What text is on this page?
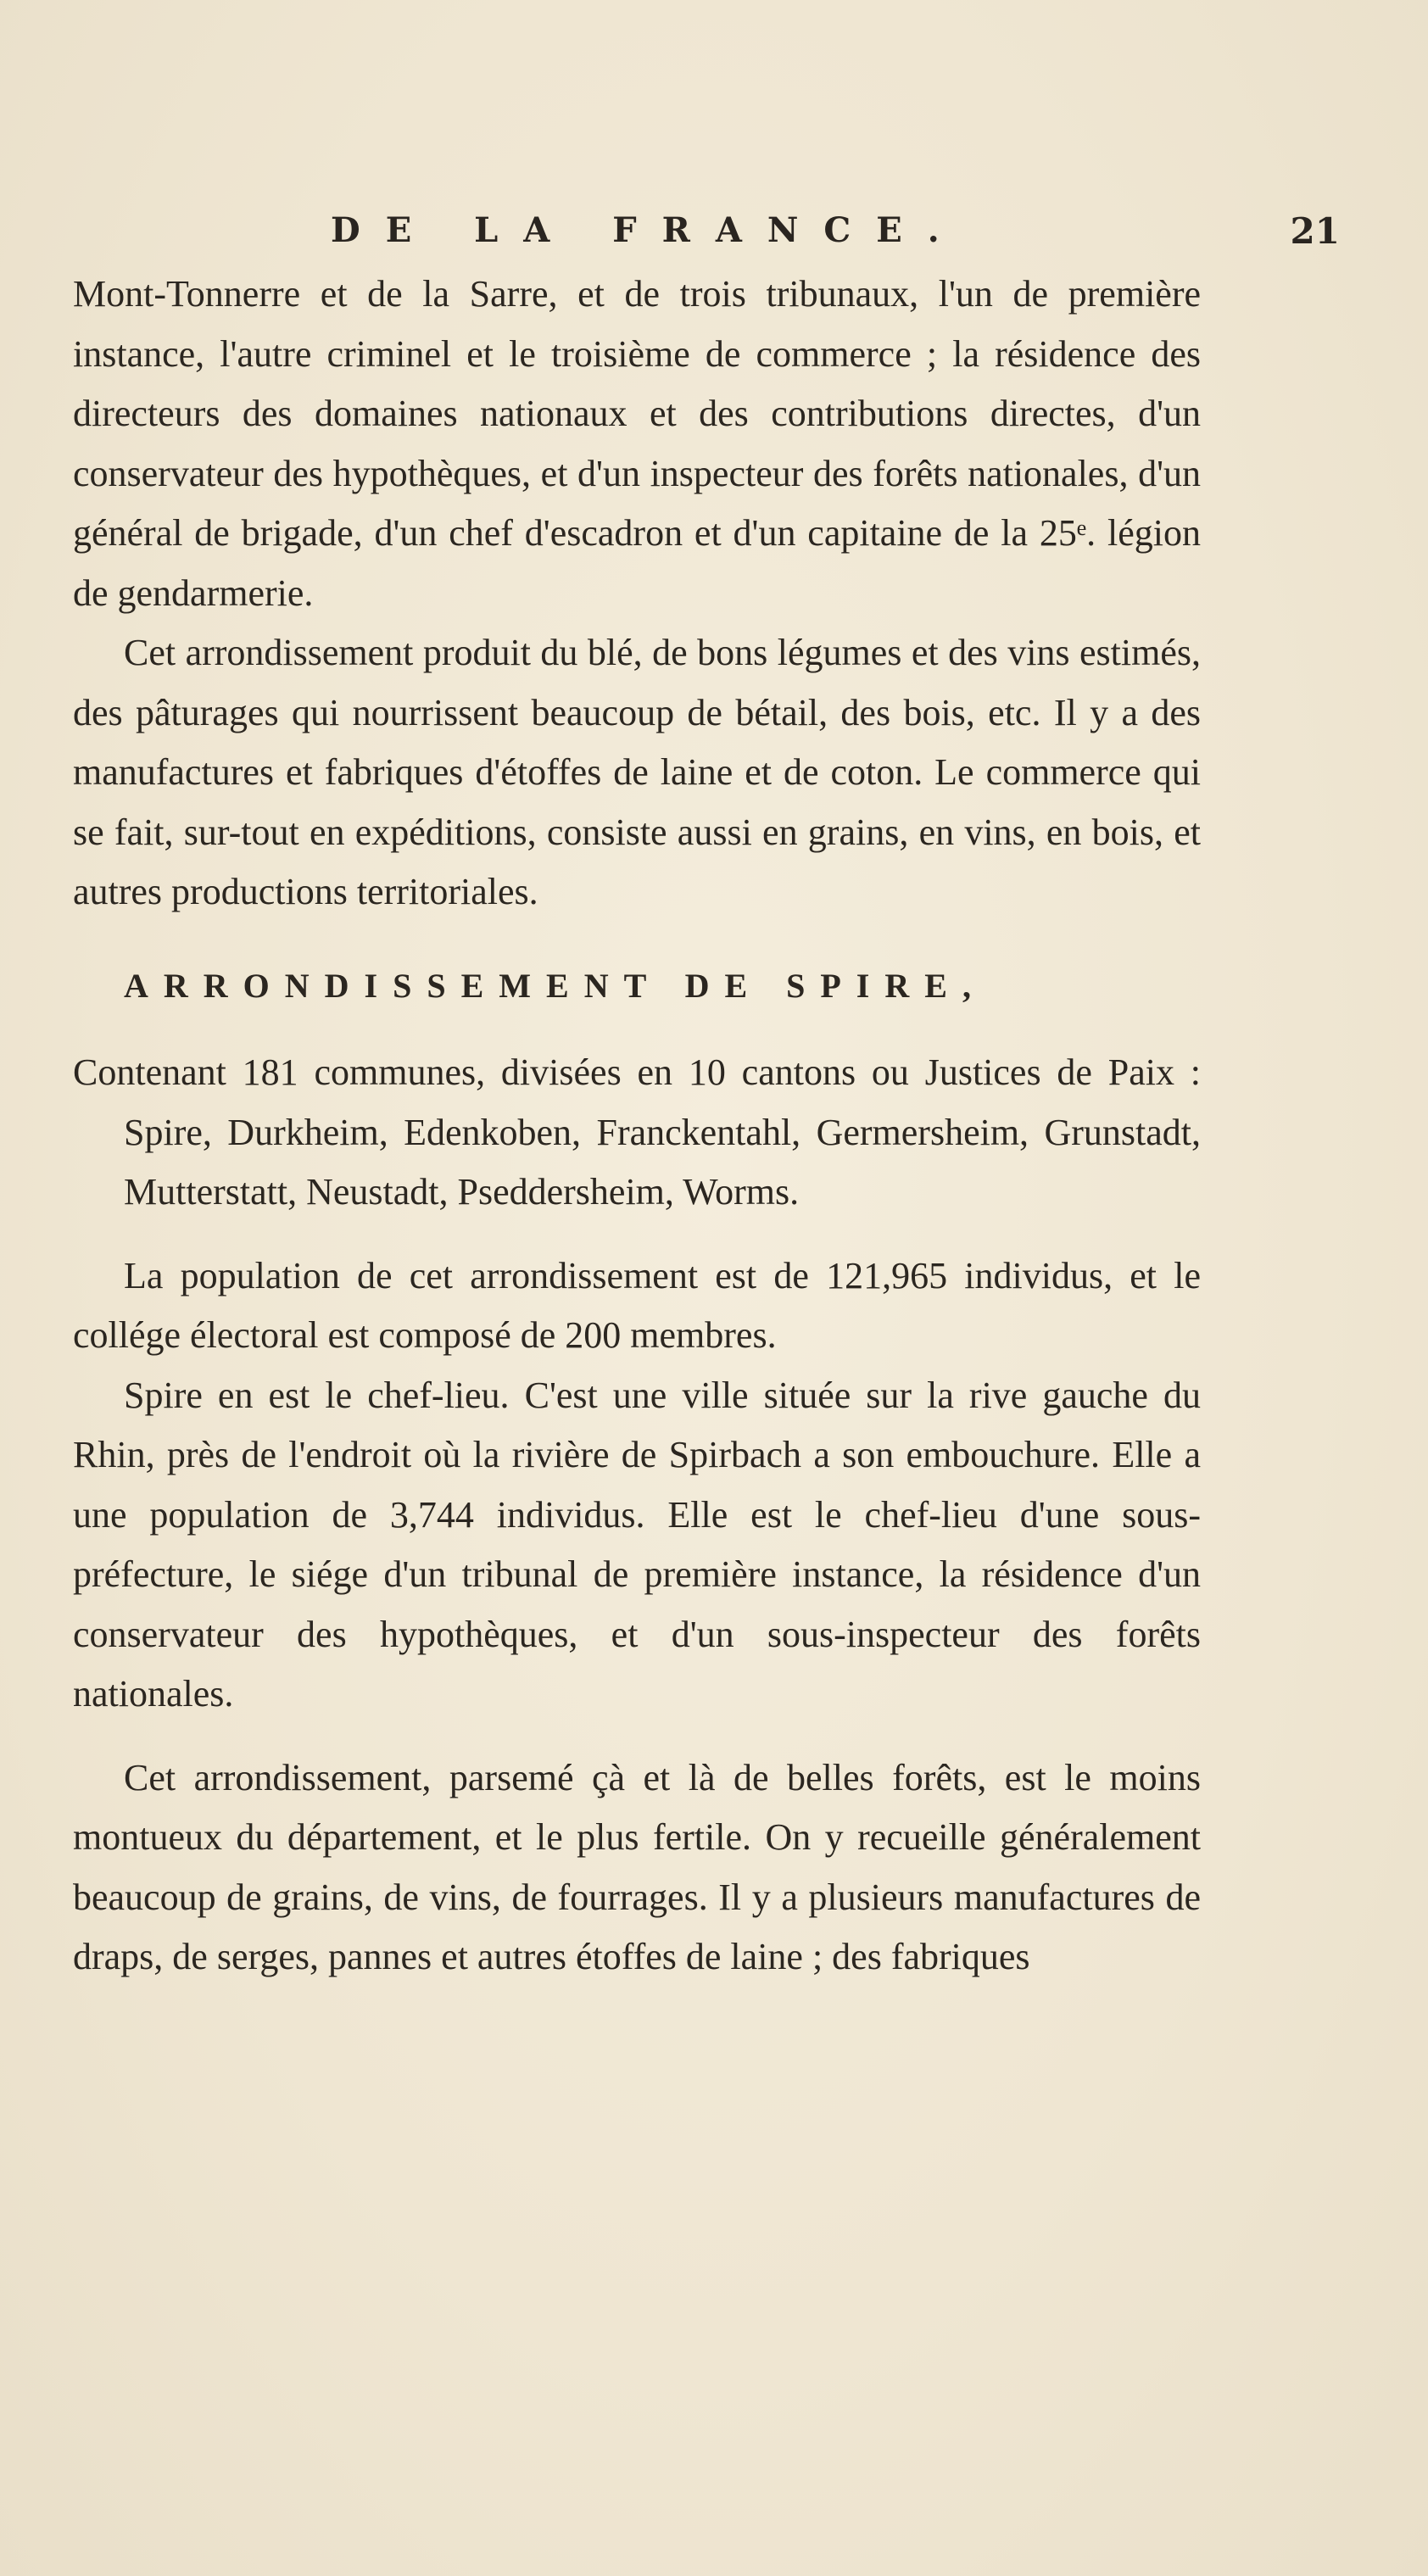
DE LA FRANCE.	21

Mont-Tonnerre et de la Sarre, et de trois tribunaux, l'un de première instance, l'autre criminel et le troisième de commerce ; la résidence des directeurs des domaines nationaux et des contributions directes, d'un conservateur des hypothèques, et d'un inspecteur des forêts nationales, d'un général de brigade, d'un chef d'escadron et d'un capitaine de la 25ᵉ. légion de gendarmerie.

Cet arrondissement produit du blé, de bons légumes et des vins estimés, des pâturages qui nourrissent beaucoup de bétail, des bois, etc. Il y a des manufactures et fabriques d'étoffes de laine et de coton. Le commerce qui se fait, sur-tout en expéditions, consiste aussi en grains, en vins, en bois, et autres productions territoriales.

ARRONDISSEMENT DE SPIRE,

Contenant 181 communes, divisées en 10 cantons ou Justices de Paix : Spire, Durkheim, Edenkoben, Franckentahl, Germersheim, Grunstadt, Mutterstatt, Neustadt, Pseddersheim, Worms.

La population de cet arrondissement est de 121,965 individus, et le collége électoral est composé de 200 membres.

Spire en est le chef-lieu. C'est une ville située sur la rive gauche du Rhin, près de l'endroit où la rivière de Spirbach a son embouchure. Elle a une population de 3,744 individus. Elle est le chef-lieu d'une sous-préfecture, le siége d'un tribunal de première instance, la résidence d'un conservateur des hypothèques, et d'un sous-inspecteur des forêts nationales.

Cet arrondissement, parsemé çà et là de belles forêts, est le moins montueux du département, et le plus fertile. On y recueille généralement beaucoup de grains, de vins, de fourrages. Il y a plusieurs manufactures de draps, de serges, pannes et autres étoffes de laine ; des fabriques
